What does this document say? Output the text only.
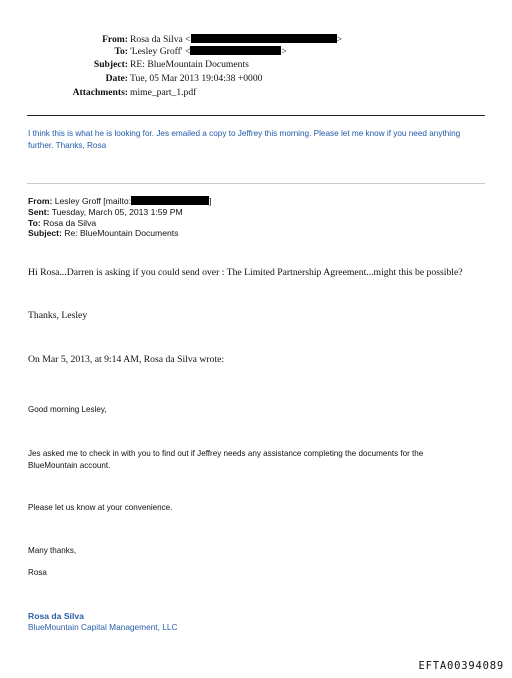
From: Rosa da Silva <	>
To: 'Lesley Groff' <	>
Subject: RE: BlueMountain Documents
Date: Tue, 05 Mar 2013 19:04:38 +0000
Attachments: mime_part_1.pdf
I think this is what he is looking for. Jes emailed a copy to Jeffrey this morning. Please let me know if you need anything
further. Thanks, Rosa
From: Lesley Groff [mailto:	]
Sent: Tuesday, March 05, 2013 1:59 PM
To: Rosa da Silva
Subject: Re: BlueMountain Documents
Hi Rosa...Darren is asking if you could send over : The Limited Partnership Agreement...might this be possible?
Thanks, Lesley
On Mar 5, 2013, at 9:14 AM, Rosa da Silva wrote:
Good morning Lesley,
Jes asked me to check in with you to find out if Jeffrey needs any assistance completing the documents for the
BlueMountain account.
Please let us know at your convenience.
Many thanks,
Rosa
Rosa da Silva
BlueMountain Capital Management, LLC
EFTA00394089
